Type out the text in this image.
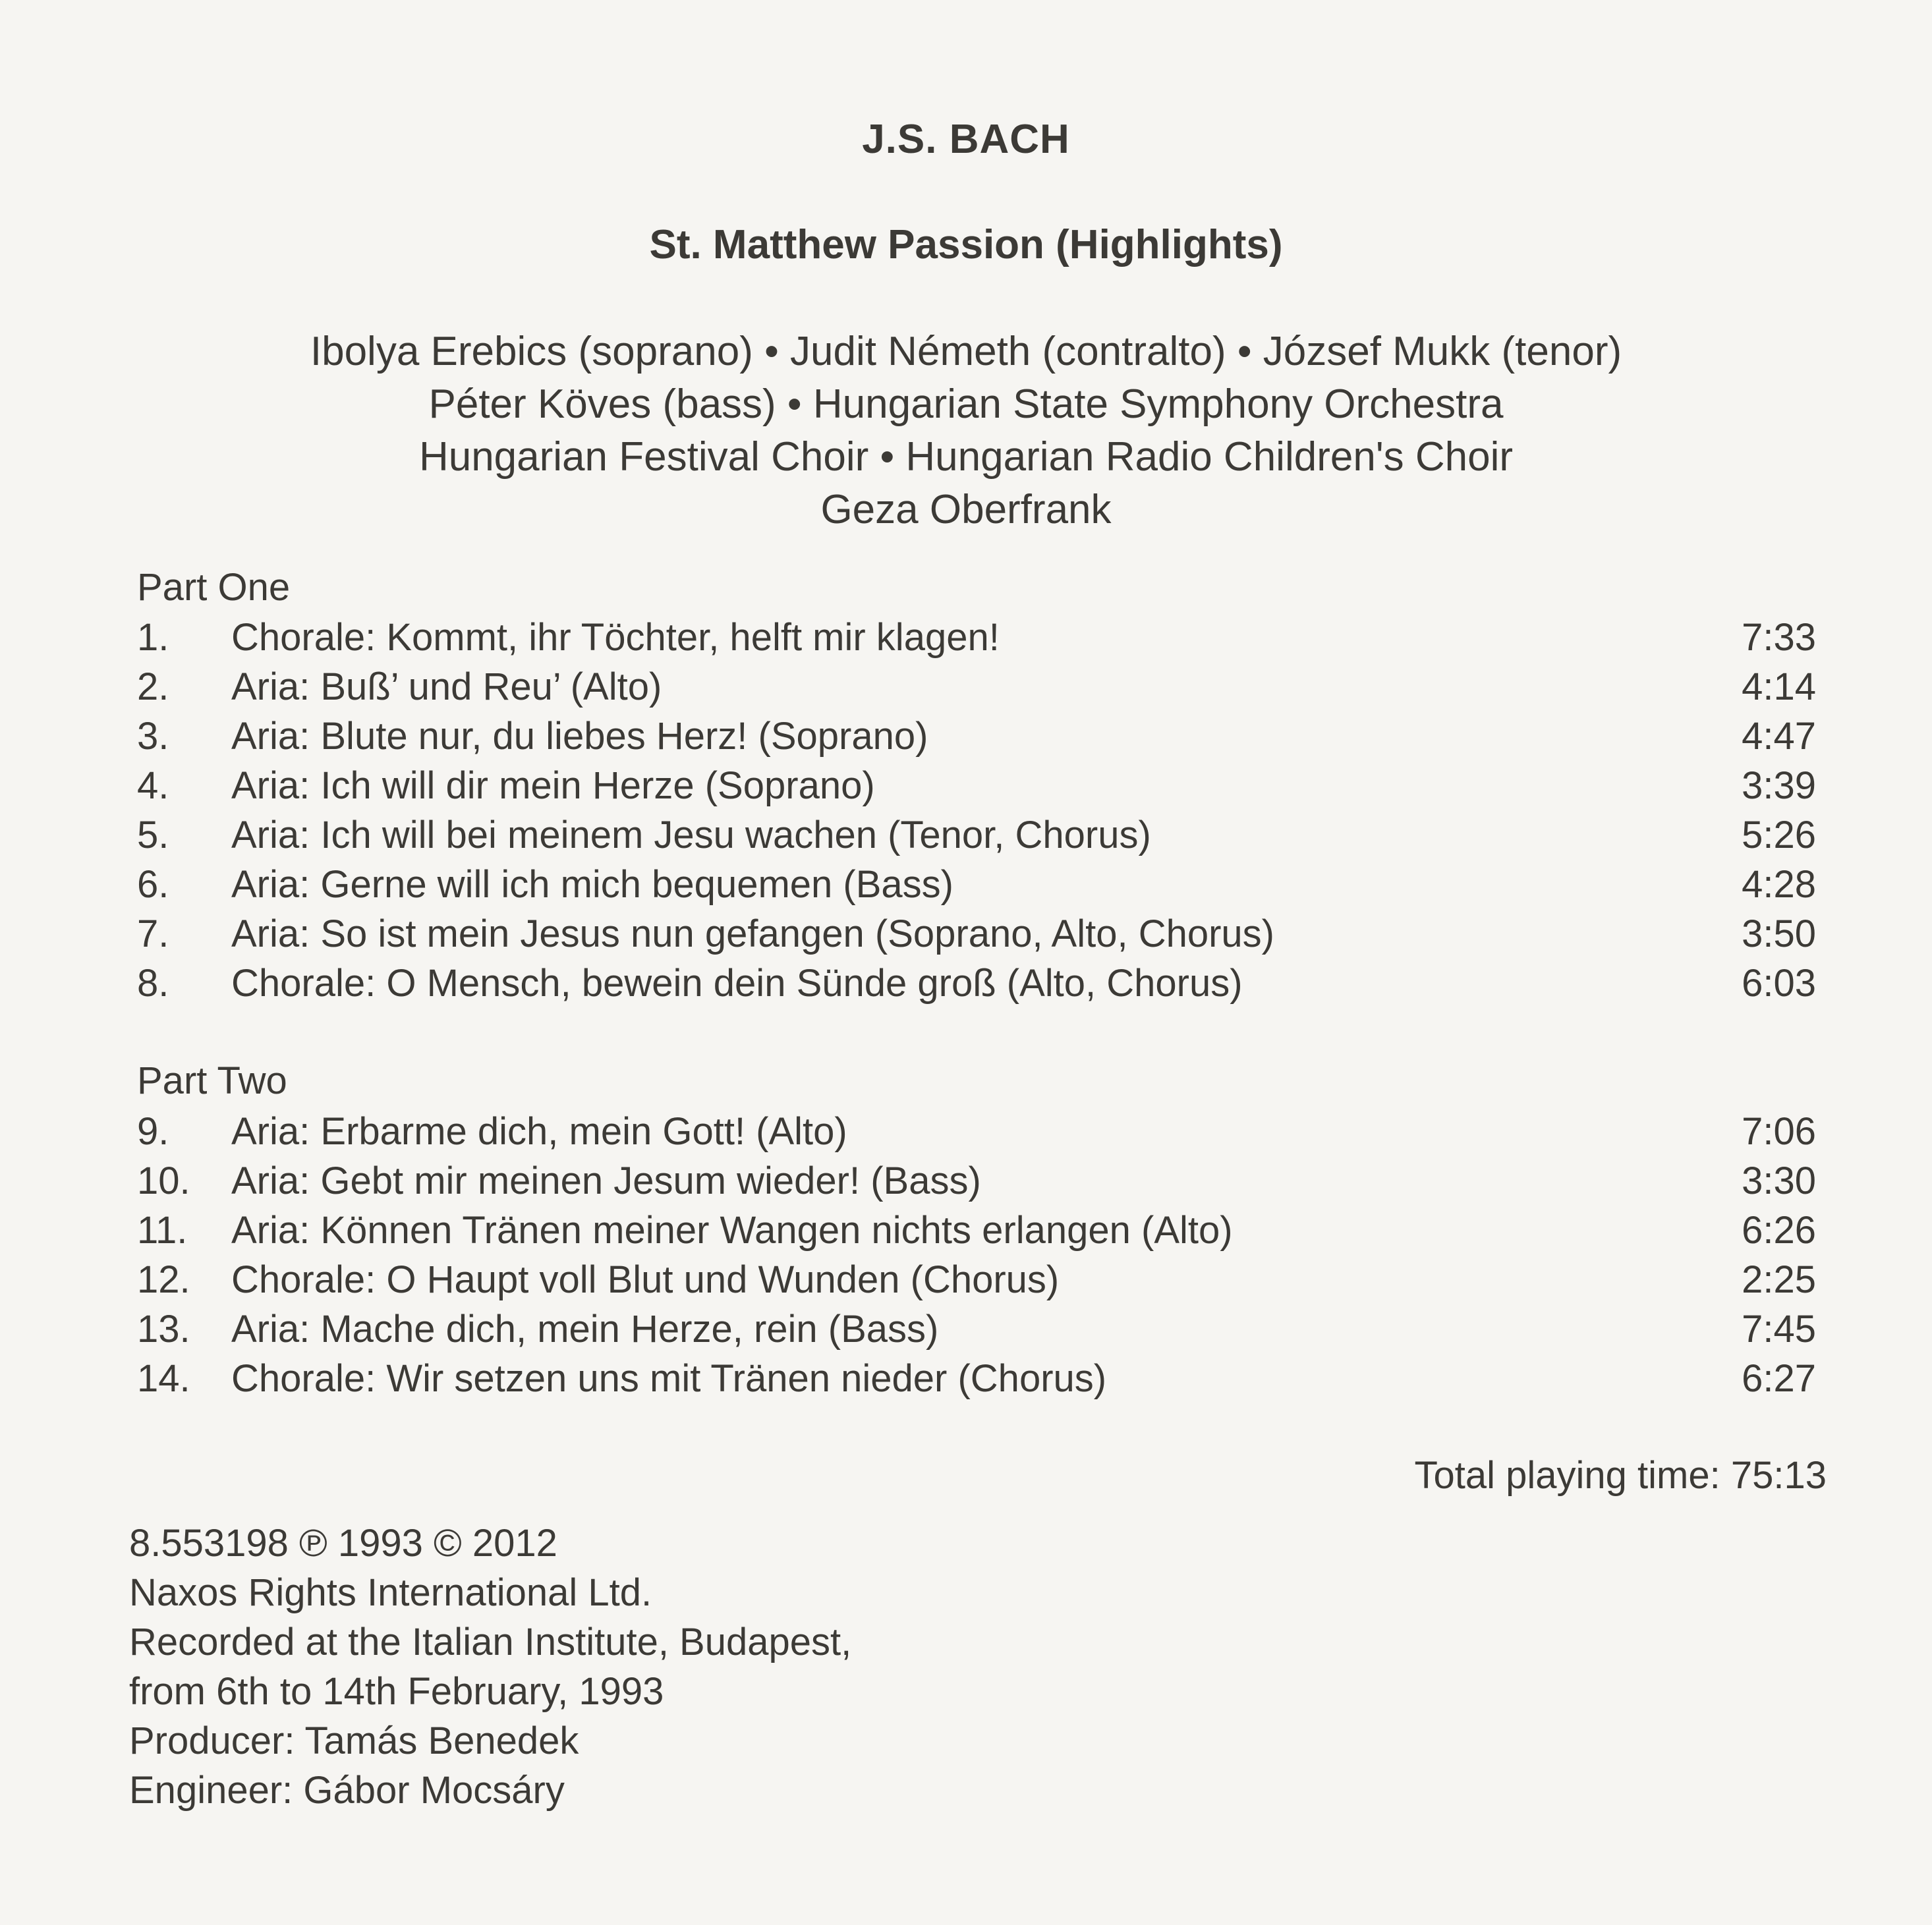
J.S. BACH
St. Matthew Passion (Highlights)
Ibolya Erebics (soprano) • Judit Németh (contralto) • József Mukk (tenor)
Péter Köves (bass) • Hungarian State Symphony Orchestra
Hungarian Festival Choir • Hungarian Radio Children's Choir
Geza Oberfrank
Part One
1. Chorale: Kommt, ihr Töchter, helft mir klagen!	7:33
2. Aria: Buß’ und Reu’ (Alto)	4:14
3. Aria: Blute nur, du liebes Herz! (Soprano)	4:47
4. Aria: Ich will dir mein Herze (Soprano)	3:39
5. Aria: Ich will bei meinem Jesu wachen (Tenor, Chorus)	5:26
6. Aria: Gerne will ich mich bequemen (Bass)	4:28
7. Aria: So ist mein Jesus nun gefangen (Soprano, Alto, Chorus)	3:50
8. Chorale: O Mensch, bewein dein Sünde groß (Alto, Chorus)	6:03
Part Two
9. Aria: Erbarme dich, mein Gott! (Alto)	7:06
10. Aria: Gebt mir meinen Jesum wieder! (Bass)	3:30
11. Aria: Können Tränen meiner Wangen nichts erlangen (Alto)	6:26
12. Chorale: O Haupt voll Blut und Wunden (Chorus)	2:25
13. Aria: Mache dich, mein Herze, rein (Bass)	7:45
14. Chorale: Wir setzen uns mit Tränen nieder (Chorus)	6:27
Total playing time: 75:13
8.553198 ℗ 1993 © 2012
Naxos Rights International Ltd.
Recorded at the Italian Institute, Budapest,
from 6th to 14th February, 1993
Producer: Tamás Benedek
Engineer: Gábor Mocsáry
